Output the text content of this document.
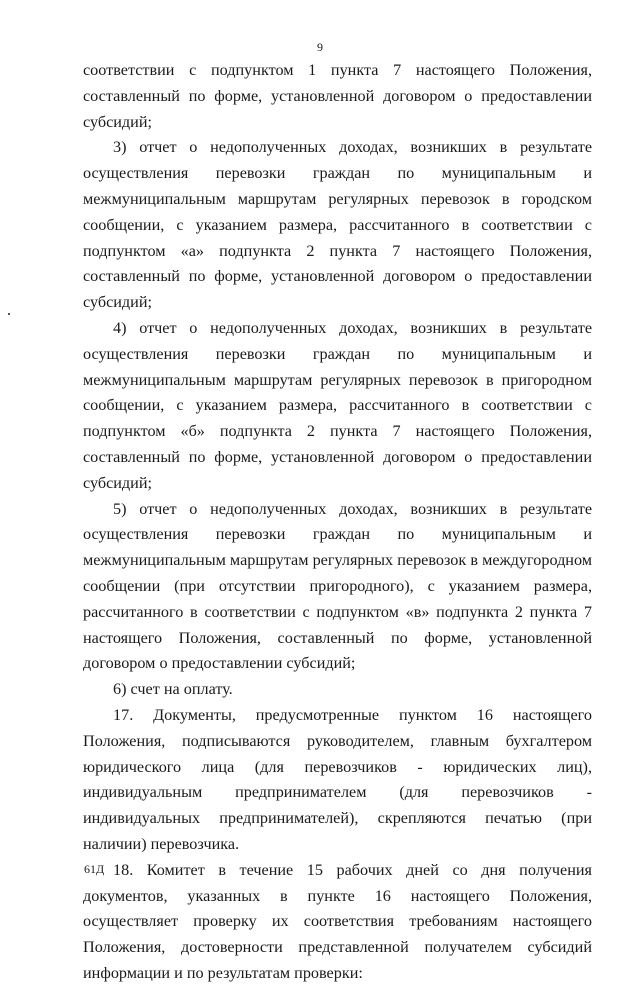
9

соответствии с подпунктом 1 пункта 7 настоящего Положения,
составленный по форме, установленной договором о предоставлении
субсидий;

3) отчет о недополученных доходах, возникших в результате
осуществления перевозки граждан по муниципальным и
межмуниципальным маршрутам регулярных перевозок в городском
сообщении, с указанием размера, рассчитанного в соответствии с
подпунктом «а» подпункта 2 пункта 7 настоящего Положения,
составленный по форме, установленной договором о предоставлении
субсидий;

4) отчет о недополученных доходах, возникших в результате
осуществления перевозки граждан по муниципальным и
межмуниципальным маршрутам регулярных перевозок в пригородном
сообщении, с указанием размера, рассчитанного в соответствии с
подпунктом «б» подпункта 2 пункта 7 настоящего Положения,
составленный по форме, установленной договором о предоставлении
субсидий;

5) отчет о недополученных доходах, возникших в результате
осуществления перевозки граждан по муниципальным и
межмуниципальным маршрутам регулярных перевозок в междугородном
сообщении (при отсутствии пригородного), с указанием размера,
рассчитанного в соответствии с подпунктом «в» подпункта 2 пункта 7
настоящего Положения, составленный по форме, установленной
договором о предоставлении субсидий;

6) счет на оплату.

17. Документы, предусмотренные пунктом 16 настоящего
Положения, подписываются руководителем, главным бухгалтером
юридического лица (для перевозчиков - юридических лиц),
индивидуальным предпринимателем (для перевозчиков -
индивидуальных предпринимателей), скрепляются печатью (при
наличии) перевозчика.

18. Комитет в течение 15 рабочих дней со дня получения
документов, указанных в пункте 16 настоящего Положения,
осуществляет проверку их соответствия требованиям настоящего
Положения, достоверности представленной получателем субсидий
информации и по результатам проверки:

61Д
